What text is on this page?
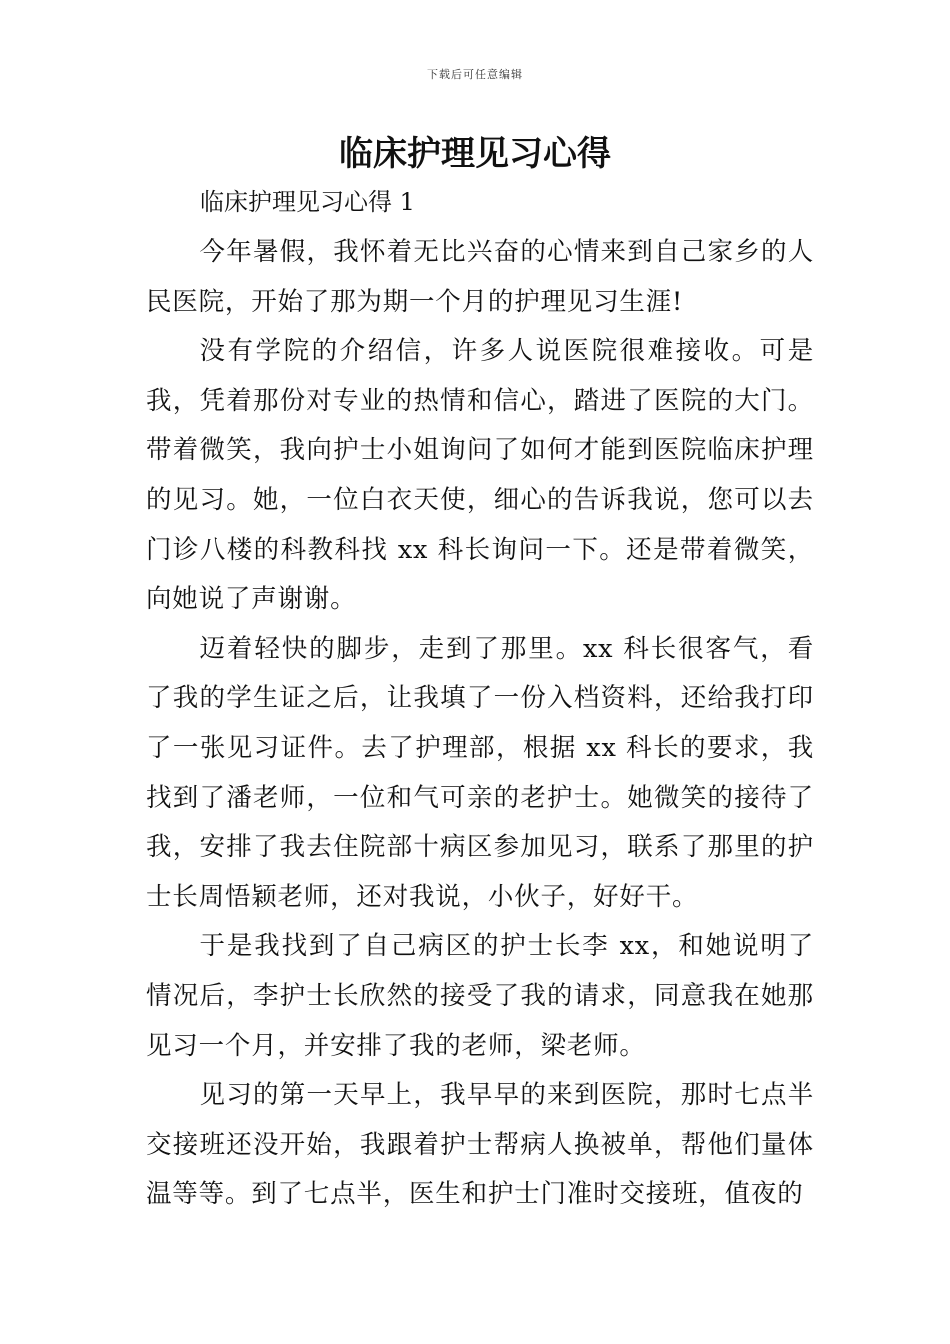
下载后可任意编辑
临床护理见习心得
临床护理见习心得 1

今年暑假，我怀着无比兴奋的心情来到自己家乡的人民医院，开始了那为期一个月的护理见习生涯!

没有学院的介绍信，许多人说医院很难接收。可是我，凭着那份对专业的热情和信心，踏进了医院的大门。带着微笑，我向护士小姐询问了如何才能到医院临床护理的见习。她，一位白衣天使，细心的告诉我说，您可以去门诊八楼的科教科找 xx 科长询问一下。还是带着微笑，向她说了声谢谢。

迈着轻快的脚步，走到了那里。xx 科长很客气，看了我的学生证之后，让我填了一份入档资料，还给我打印了一张见习证件。去了护理部，根据 xx 科长的要求，我找到了潘老师，一位和气可亲的老护士。她微笑的接待了我，安排了我去住院部十病区参加见习，联系了那里的护士长周悟颖老师，还对我说，小伙子，好好干。

于是我找到了自己病区的护士长李 xx，和她说明了情况后，李护士长欣然的接受了我的请求，同意我在她那见习一个月，并安排了我的老师，梁老师。

见习的第一天早上，我早早的来到医院，那时七点半交接班还没开始，我跟着护士帮病人换被单，帮他们量体温等等。到了七点半，医生和护士门准时交接班，值夜的
